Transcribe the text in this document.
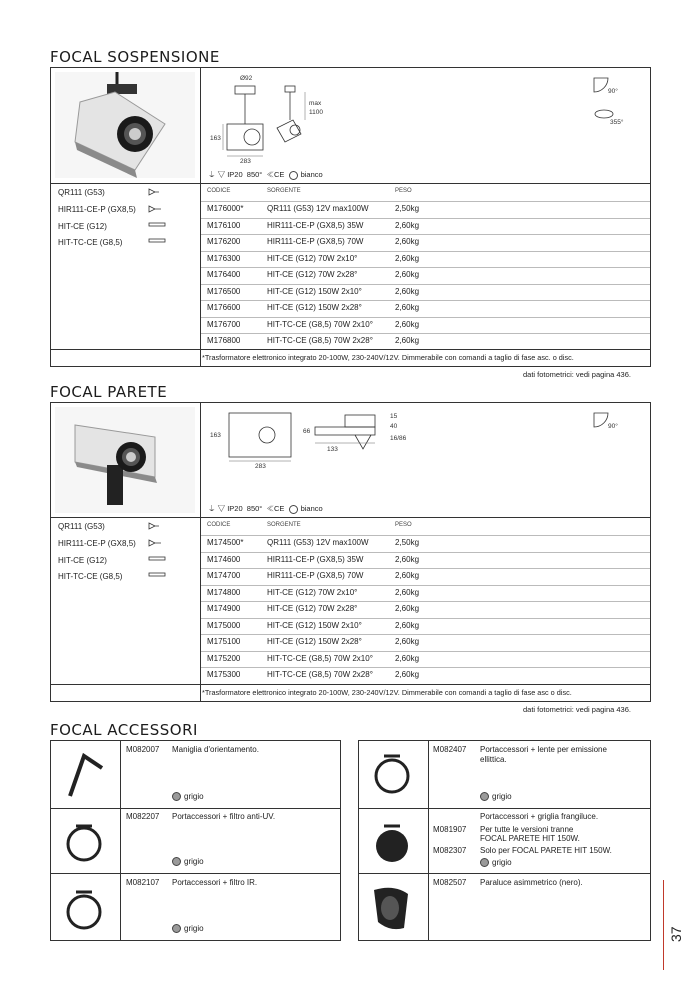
FOCAL SOSPENSIONE
Ø92
max
1100
163
283
90°
355°
⏚ ▽ IP20 850° ≪CE bianco
QR111 (G53)
HIR111-CE-P (GX8,5)
HIT-CE (G12)
HIT-TC-CE (G8,5)
CODICE	SORGENTE	PESO
M176000*	QR111 (G53) 12V max100W	2,50kg
M176100	HIR111-CE-P (GX8,5) 35W	2,60kg
M176200	HIR111-CE-P (GX8,5) 70W	2,60kg
M176300	HIT-CE (G12) 70W 2x10°	2,60kg
M176400	HIT-CE (G12) 70W 2x28°	2,60kg
M176500	HIT-CE (G12) 150W 2x10°	2,60kg
M176600	HIT-CE (G12) 150W 2x28°	2,60kg
M176700	HIT-TC-CE (G8,5) 70W 2x10°	2,60kg
M176800	HIT-TC-CE (G8,5) 70W 2x28°	2,60kg
*Trasformatore elettronico integrato 20-100W, 230-240V/12V. Dimmerabile con comandi a taglio di fase asc. o disc.
dati fotometrici: vedi pagina 436.
FOCAL PARETE
163
283
66
133
15
40
16/86
90°
⏚ ▽ IP20 850° ≪CE bianco
QR111 (G53)
HIR111-CE-P (GX8,5)
HIT-CE (G12)
HIT-TC-CE (G8,5)
CODICE	SORGENTE	PESO
M174500*	QR111 (G53) 12V max100W	2,50kg
M174600	HIR111-CE-P (GX8,5) 35W	2,60kg
M174700	HIR111-CE-P (GX8,5) 70W	2,60kg
M174800	HIT-CE (G12) 70W 2x10°	2,60kg
M174900	HIT-CE (G12) 70W 2x28°	2,60kg
M175000	HIT-CE (G12) 150W 2x10°	2,60kg
M175100	HIT-CE (G12) 150W 2x28°	2,60kg
M175200	HIT-TC-CE (G8,5) 70W 2x10°	2,60kg
M175300	HIT-TC-CE (G8,5) 70W 2x28°	2,60kg
*Trasformatore elettronico integrato 20-100W, 230-240V/12V. Dimmerabile con comandi a taglio di fase asc o disc.
dati fotometrici: vedi pagina 436.
FOCAL ACCESSORI
M082007 Maniglia d'orientamento.
grigio
M082207 Portaccessori + filtro anti-UV.
grigio
M082107 Portaccessori + filtro IR.
grigio
M082407 Portaccessori + lente per emissione
ellittica.
grigio
Portaccessori + griglia frangiluce.
M081907 Per tutte le versioni tranne
FOCAL PARETE HIT 150W.
M082307 Solo per FOCAL PARETE HIT 150W.
grigio
M082507 Paraluce asimmetrico (nero).
37
